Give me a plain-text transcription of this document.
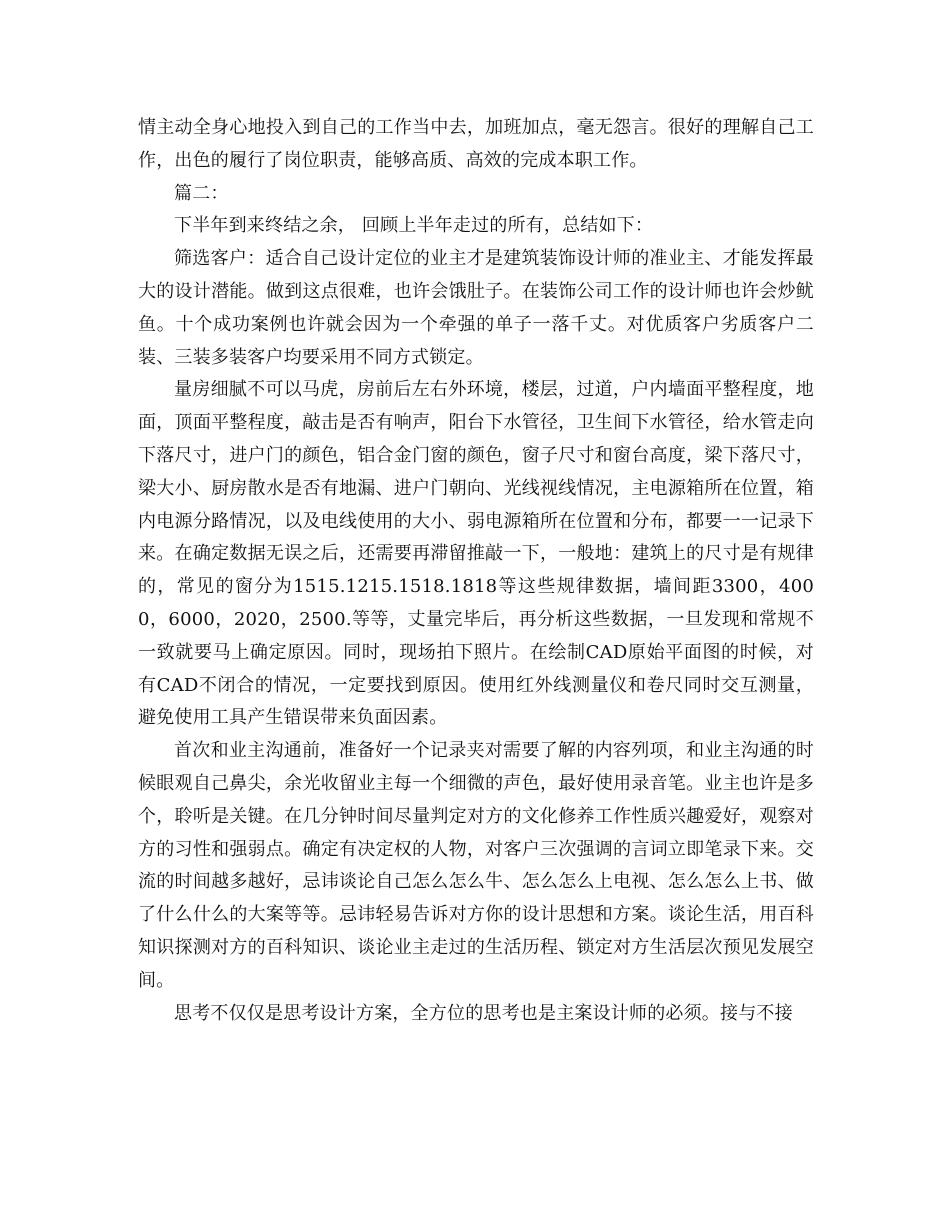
情主动全身心地投入到自己的工作当中去，加班加点，毫无怨言。很好的理解自己工作，出色的履行了岗位职责，能够高质、高效的完成本职工作。

篇二：

下半年到来终结之余， 回顾上半年走过的所有，总结如下：

筛选客户：适合自己设计定位的业主才是建筑装饰设计师的准业主、才能发挥最大的设计潜能。做到这点很难，也许会饿肚子。在装饰公司工作的设计师也许会炒鱿鱼。十个成功案例也许就会因为一个牵强的单子一落千丈。对优质客户劣质客户二装、三装多装客户均要采用不同方式锁定。

量房细腻不可以马虎，房前后左右外环境，楼层，过道，户内墙面平整程度，地面，顶面平整程度，敲击是否有响声，阳台下水管径，卫生间下水管径，给水管走向下落尺寸，进户门的颜色，铝合金门窗的颜色，窗子尺寸和窗台高度，梁下落尺寸，梁大小、厨房散水是否有地漏、进户门朝向、光线视线情况，主电源箱所在位置，箱内电源分路情况，以及电线使用的大小、弱电源箱所在位置和分布，都要一一记录下来。在确定数据无误之后，还需要再滞留推敲一下，一般地：建筑上的尺寸是有规律的，常见的窗分为1515.1215.1518.1818等这些规律数据，墙间距3300，4000，6000，2020，2500.等等，丈量完毕后，再分析这些数据，一旦发现和常规不一致就要马上确定原因。同时，现场拍下照片。在绘制CAD原始平面图的时候，对有CAD不闭合的情况，一定要找到原因。使用红外线测量仪和卷尺同时交互测量，避免使用工具产生错误带来负面因素。

首次和业主沟通前，准备好一个记录夹对需要了解的内容列项，和业主沟通的时候眼观自己鼻尖，余光收留业主每一个细微的声色，最好使用录音笔。业主也许是多个，聆听是关键。在几分钟时间尽量判定对方的文化修养工作性质兴趣爱好，观察对方的习性和强弱点。确定有决定权的人物，对客户三次强调的言词立即笔录下来。交流的时间越多越好，忌讳谈论自己怎么怎么牛、怎么怎么上电视、怎么怎么上书、做了什么什么的大案等等。忌讳轻易告诉对方你的设计思想和方案。谈论生活，用百科知识探测对方的百科知识、谈论业主走过的生活历程、锁定对方生活层次预见发展空间。

思考不仅仅是思考设计方案，全方位的思考也是主案设计师的必须。接与不接
